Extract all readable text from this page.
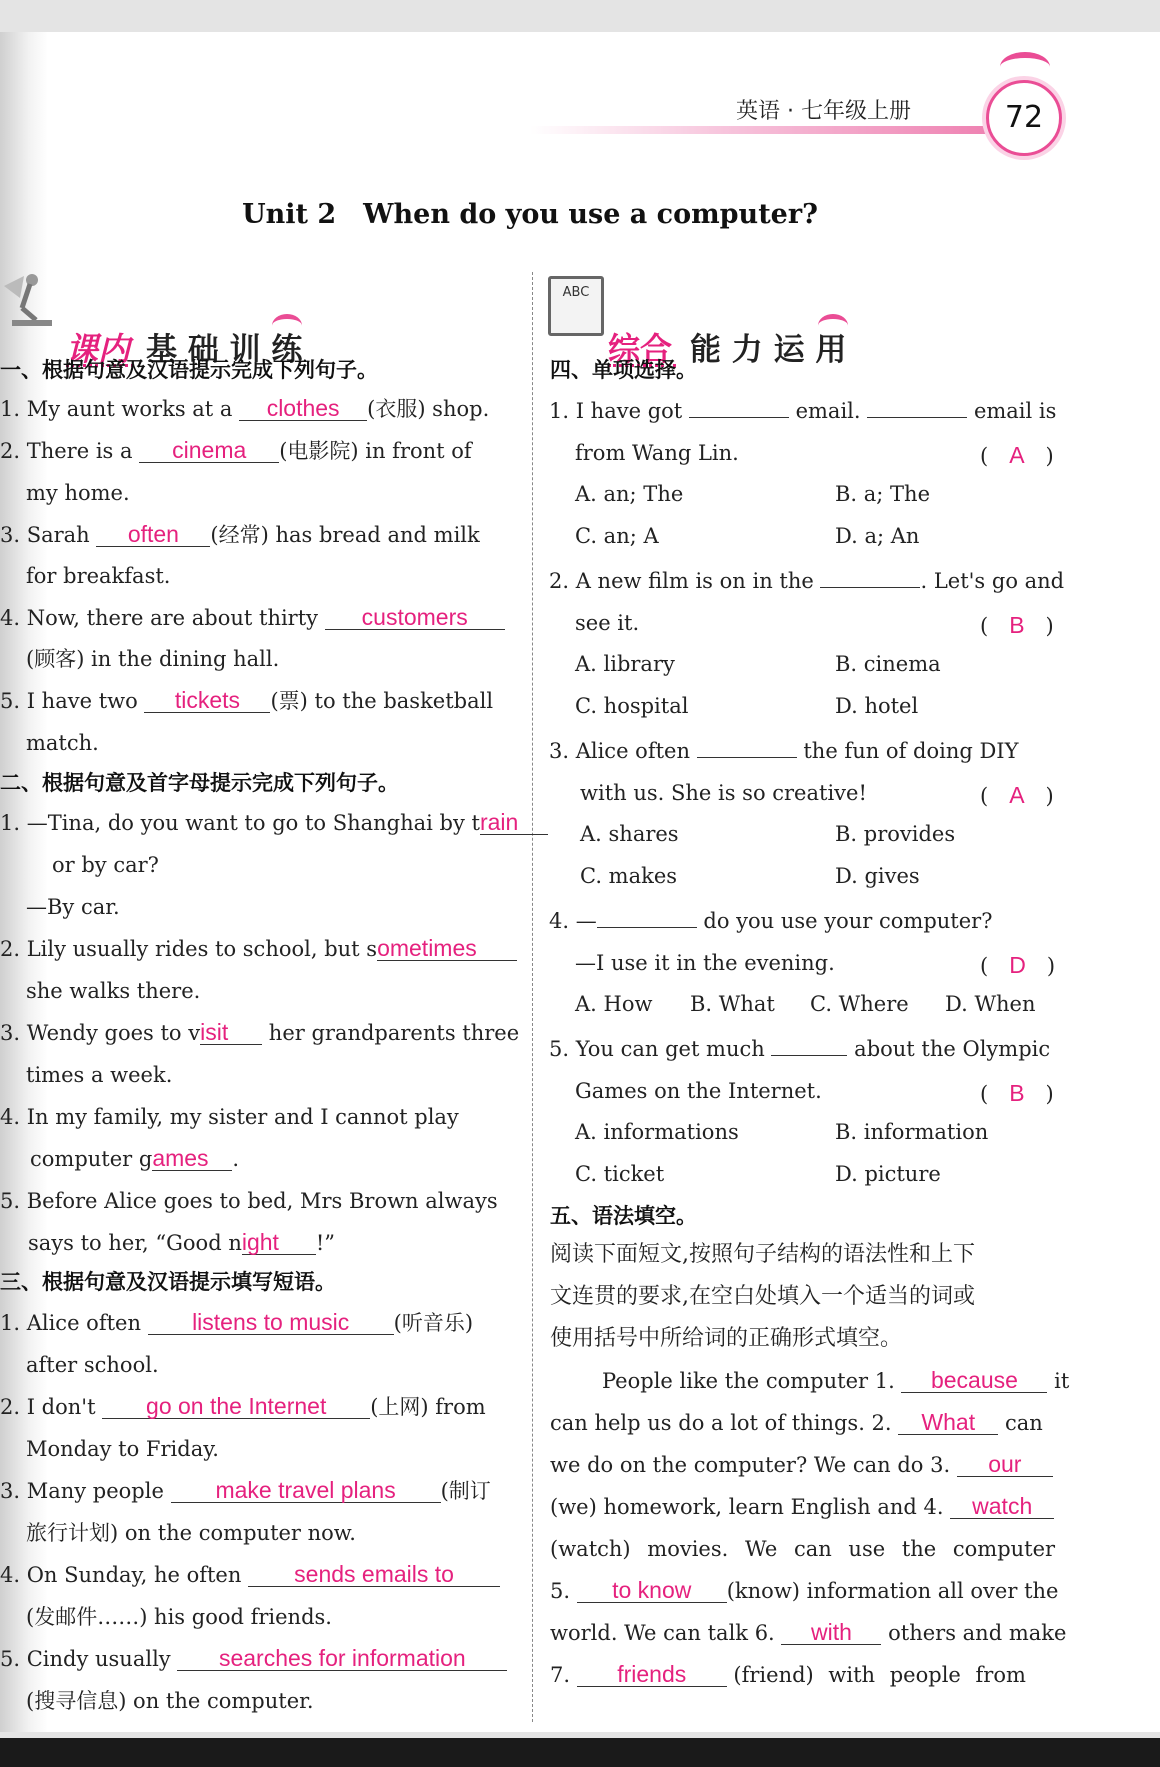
英语 · 七年级上册	72
Unit 2　When do you use a computer?
课内 基 础 训 练
ABC
综合 能 力 运 用
一、根据句意及汉语提示完成下列句子。
1. My aunt works at a clothes (衣服) shop.
2. There is a cinema (电影院) in front of
my home.
3. Sarah often (经常) has bread and milk
for breakfast.
4. Now, there are about thirty customers
(顾客) in the dining hall.
5. I have two tickets (票) to the basketball
match.
二、根据句意及首字母提示完成下列句子。
1. —Tina, do you want to go to Shanghai by train
or by car?
—By car.
2. Lily usually rides to school, but sometimes
she walks there.
3. Wendy goes to visit her grandparents three
times a week.
4. In my family, my sister and I cannot play
computer games .
5. Before Alice goes to bed, Mrs Brown always
says to her, “Good night !”
三、根据句意及汉语提示填写短语。
1. Alice often listens to music (听音乐)
after school.
2. I don't go on the Internet (上网) from
Monday to Friday.
3. Many people make travel plans (制订
旅行计划) on the computer now.
4. On Sunday, he often sends emails to
(发邮件……) his good friends.
5. Cindy usually searches for information
(搜寻信息) on the computer.
四、单项选择。
1. I have got	email.	email is
from Wang Lin.	(　A　)
A. an; The	B. a; The
C. an; A	D. a; An
2. A new film is on in the	. Let's go and
see it.	(　B　)
A. library	B. cinema
C. hospital	D. hotel
3. Alice often	the fun of doing DIY
with us. She is so creative!	(　A　)
A. shares	B. provides
C. makes	D. gives
4. —	do you use your computer?
—I use it in the evening.	(　D　)
A. How B. What C. Where D. When
5. You can get much	about the Olympic
Games on the Internet.	(　B　)
A. informations	B. information
C. ticket	D. picture
五、语法填空。
阅读下面短文,按照句子结构的语法性和上下
文连贯的要求,在空白处填入一个适当的词或
使用括号中所给词的正确形式填空。
People like the computer 1. because it
can help us do a lot of things. 2. What can
we do on the computer? We can do 3. our
(we) homework, learn English and 4. watch
(watch) movies. We can use the computer
5. to know (know) information all over the
world. We can talk 6. with others and make
7. friends (friend) with people from
